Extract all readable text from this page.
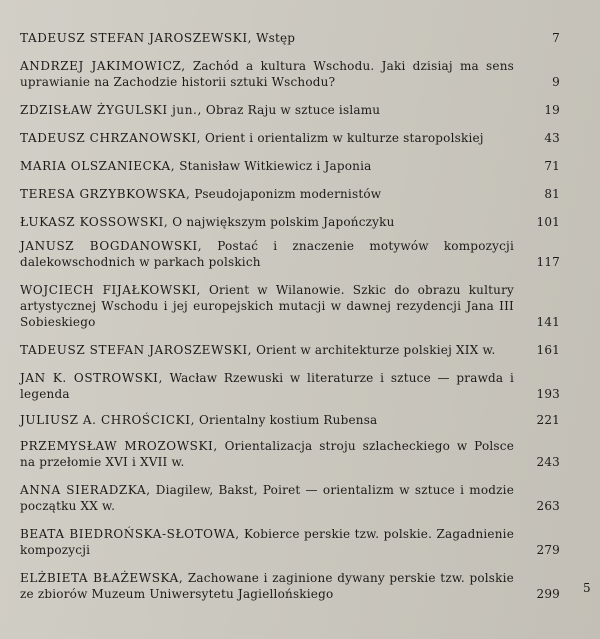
TADEUSZ STEFAN JAROSZEWSKI, Wstęp	7
ANDRZEJ JAKIMOWICZ, Zachód a kultura Wschodu. Jaki dzisiaj ma sens uprawianie na Zachodzie historii sztuki Wschodu?	9
ZDZISŁAW ŻYGULSKI jun., Obraz Raju w sztuce islamu	19
TADEUSZ CHRZANOWSKI, Orient i orientalizm w kulturze staropolskiej	43
MARIA OLSZANIECKA, Stanisław Witkiewicz i Japonia	71
TERESA GRZYBKOWSKA, Pseudojaponizm modernistów	81
ŁUKASZ KOSSOWSKI, O największym polskim Japończyku	101
JANUSZ BOGDANOWSKI, Postać i znaczenie motywów kompozycji dalekowschodnich w parkach polskich	117
WOJCIECH FIJAŁKOWSKI, Orient w Wilanowie. Szkic do obrazu kultury artystycznej Wschodu i jej europejskich mutacji w dawnej rezydencji Jana III Sobieskiego	141
TADEUSZ STEFAN JAROSZEWSKI, Orient w architekturze polskiej XIX w.	161
JAN K. OSTROWSKI, Wacław Rzewuski w literaturze i sztuce — prawda i legenda	193
JULIUSZ A. CHROŚCICKI, Orientalny kostium Rubensa	221
PRZEMYSŁAW MROZOWSKI, Orientalizacja stroju szlacheckiego w Polsce na przełomie XVI i XVII w.	243
ANNA SIERADZKA, Diagilew, Bakst, Poiret — orientalizm w sztuce i modzie początku XX w.	263
BEATA BIEDROŃSKA-SŁOTOWA, Kobierce perskie tzw. polskie. Zagadnienie kompozycji	279
ELŻBIETA BŁAŻEWSKA, Zachowane i zaginione dywany perskie tzw. polskie ze zbiorów Muzeum Uniwersytetu Jagiellońskiego	299 5
